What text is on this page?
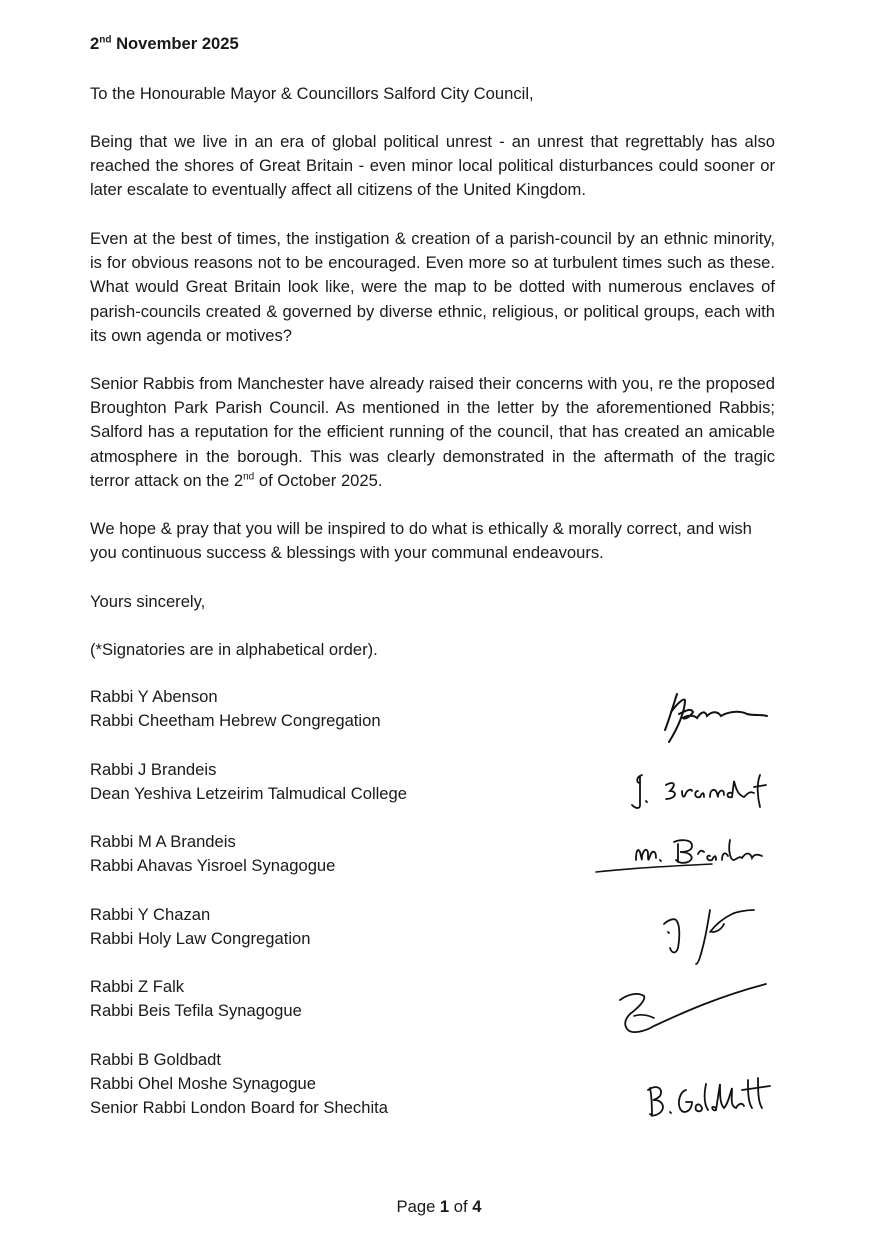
2nd November 2025
To the Honourable Mayor & Councillors Salford City Council,
Being that we live in an era of global political unrest - an unrest that regrettably has also reached the shores of Great Britain - even minor local political disturbances could sooner or later escalate to eventually affect all citizens of the United Kingdom.
Even at the best of times, the instigation & creation of a parish-council by an ethnic minority, is for obvious reasons not to be encouraged. Even more so at turbulent times such as these. What would Great Britain look like, were the map to be dotted with numerous enclaves of parish-councils created & governed by diverse ethnic, religious, or political groups, each with its own agenda or motives?
Senior Rabbis from Manchester have already raised their concerns with you, re the proposed Broughton Park Parish Council. As mentioned in the letter by the aforementioned Rabbis; Salford has a reputation for the efficient running of the council, that has created an amicable atmosphere in the borough. This was clearly demonstrated in the aftermath of the tragic terror attack on the 2nd of October 2025.
We hope & pray that you will be inspired to do what is ethically & morally correct, and wish you continuous success & blessings with your communal endeavours.
Yours sincerely,
(*Signatories are in alphabetical order).
Rabbi Y Abenson
Rabbi Cheetham Hebrew Congregation
Rabbi J Brandeis
Dean Yeshiva Letzeirim Talmudical College
Rabbi M A Brandeis
Rabbi Ahavas Yisroel Synagogue
Rabbi Y Chazan
Rabbi Holy Law Congregation
Rabbi Z Falk
Rabbi Beis Tefila Synagogue
Rabbi B Goldbadt
Rabbi Ohel Moshe Synagogue
Senior Rabbi London Board for Shechita
Page 1 of 4
